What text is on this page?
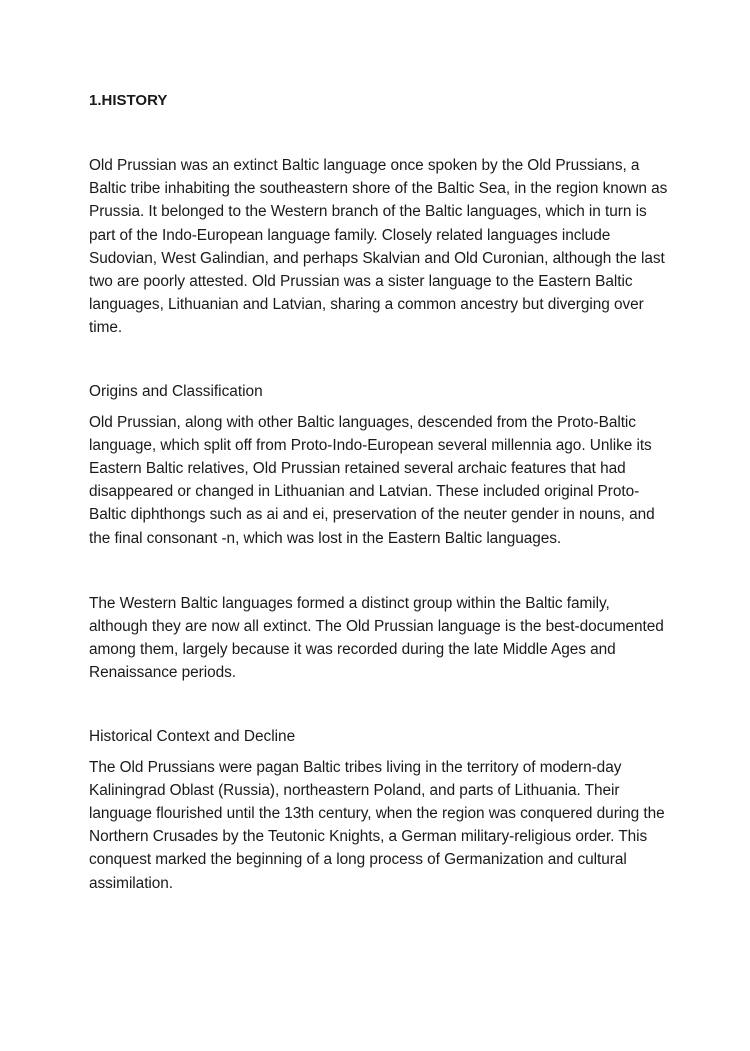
1.HISTORY

Old Prussian was an extinct Baltic language once spoken by the Old Prussians, a Baltic tribe inhabiting the southeastern shore of the Baltic Sea, in the region known as Prussia. It belonged to the Western branch of the Baltic languages, which in turn is part of the Indo-European language family. Closely related languages include Sudovian, West Galindian, and perhaps Skalvian and Old Curonian, although the last two are poorly attested. Old Prussian was a sister language to the Eastern Baltic languages, Lithuanian and Latvian, sharing a common ancestry but diverging over time.

Origins and Classification

Old Prussian, along with other Baltic languages, descended from the Proto-Baltic language, which split off from Proto-Indo-European several millennia ago. Unlike its Eastern Baltic relatives, Old Prussian retained several archaic features that had disappeared or changed in Lithuanian and Latvian. These included original Proto-Baltic diphthongs such as ai and ei, preservation of the neuter gender in nouns, and the final consonant -n, which was lost in the Eastern Baltic languages.

The Western Baltic languages formed a distinct group within the Baltic family, although they are now all extinct. The Old Prussian language is the best-documented among them, largely because it was recorded during the late Middle Ages and Renaissance periods.

Historical Context and Decline

The Old Prussians were pagan Baltic tribes living in the territory of modern-day Kaliningrad Oblast (Russia), northeastern Poland, and parts of Lithuania. Their language flourished until the 13th century, when the region was conquered during the Northern Crusades by the Teutonic Knights, a German military-religious order. This conquest marked the beginning of a long process of Germanization and cultural assimilation.
